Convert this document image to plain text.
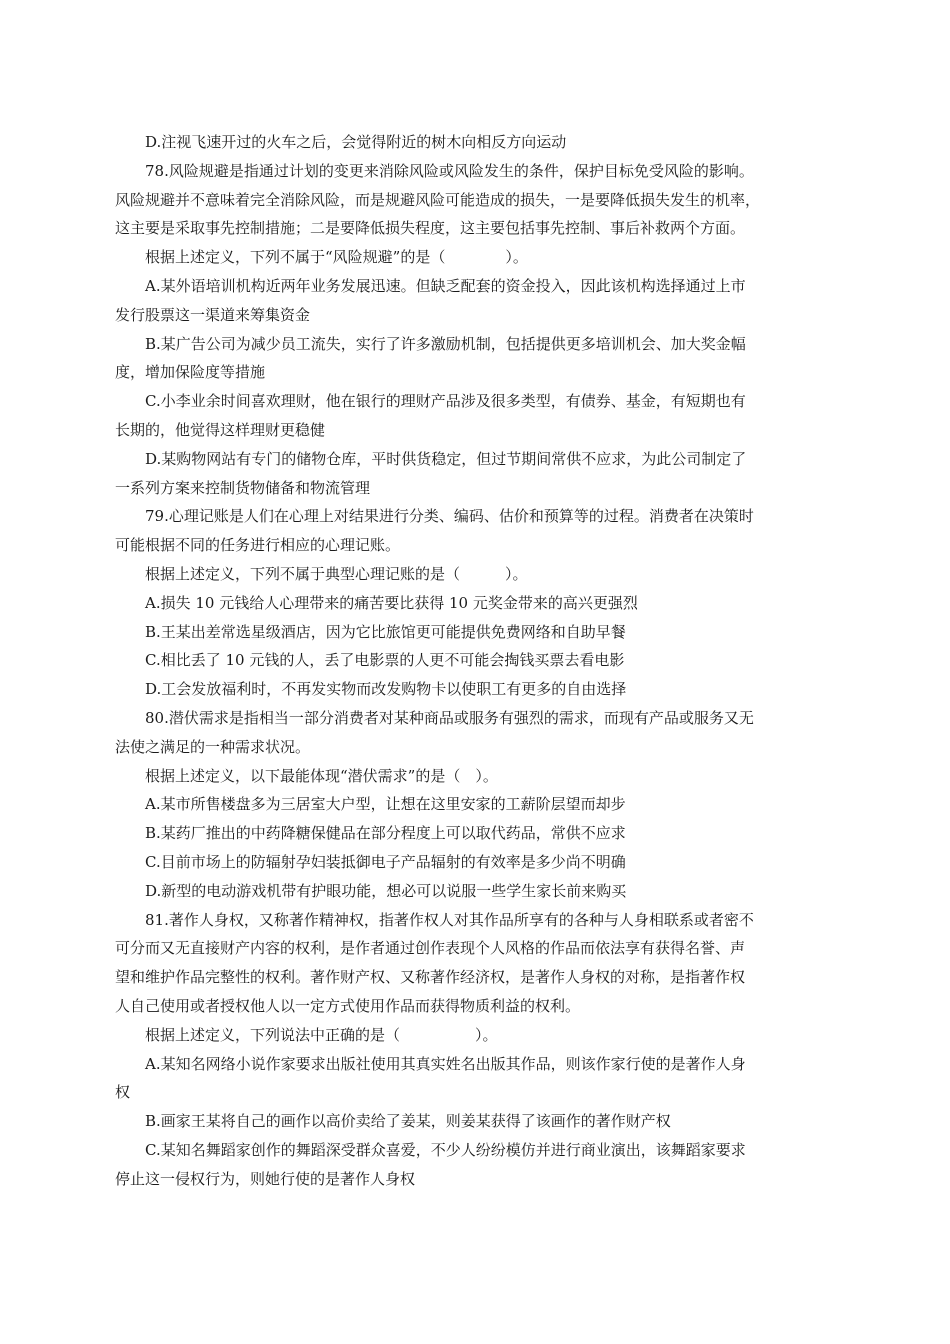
D.注视飞速开过的火车之后，会觉得附近的树木向相反方向运动
78.风险规避是指通过计划的变更来消除风险或风险发生的条件，保护目标免受风险的影响。
风险规避并不意味着完全消除风险，而是规避风险可能造成的损失，一是要降低损失发生的机率，
这主要是采取事先控制措施；二是要降低损失程度，这主要包括事先控制、事后补救两个方面。
根据上述定义，下列不属于“风险规避”的是（　　　　）。
A.某外语培训机构近两年业务发展迅速。但缺乏配套的资金投入，因此该机构选择通过上市
发行股票这一渠道来筹集资金
B.某广告公司为减少员工流失，实行了许多激励机制，包括提供更多培训机会、加大奖金幅
度，增加保险度等措施
C.小李业余时间喜欢理财，他在银行的理财产品涉及很多类型，有债券、基金，有短期也有
长期的，他觉得这样理财更稳健
D.某购物网站有专门的储物仓库，平时供货稳定，但过节期间常供不应求，为此公司制定了
一系列方案来控制货物储备和物流管理
79.心理记账是人们在心理上对结果进行分类、编码、估价和预算等的过程。消费者在决策时
可能根据不同的任务进行相应的心理记账。
根据上述定义，下列不属于典型心理记账的是（　　　）。
A.损失 10 元钱给人心理带来的痛苦要比获得 10 元奖金带来的高兴更强烈
B.王某出差常选星级酒店，因为它比旅馆更可能提供免费网络和自助早餐
C.相比丢了 10 元钱的人，丢了电影票的人更不可能会掏钱买票去看电影
D.工会发放福利时，不再发实物而改发购物卡以使职工有更多的自由选择
80.潜伏需求是指相当一部分消费者对某种商品或服务有强烈的需求，而现有产品或服务又无
法使之满足的一种需求状况。
根据上述定义，以下最能体现“潜伏需求”的是（　）。
A.某市所售楼盘多为三居室大户型，让想在这里安家的工薪阶层望而却步
B.某药厂推出的中药降糖保健品在部分程度上可以取代药品，常供不应求
C.目前市场上的防辐射孕妇装抵御电子产品辐射的有效率是多少尚不明确
D.新型的电动游戏机带有护眼功能，想必可以说服一些学生家长前来购买
81.著作人身权，又称著作精神权，指著作权人对其作品所享有的各种与人身相联系或者密不
可分而又无直接财产内容的权利，是作者通过创作表现个人风格的作品而依法享有获得名誉、声
望和维护作品完整性的权利。著作财产权、又称著作经济权，是著作人身权的对称，是指著作权
人自己使用或者授权他人以一定方式使用作品而获得物质利益的权利。
根据上述定义，下列说法中正确的是（　　　　　）。
A.某知名网络小说作家要求出版社使用其真实姓名出版其作品，则该作家行使的是著作人身
权
B.画家王某将自己的画作以高价卖给了姜某，则姜某获得了该画作的著作财产权
C.某知名舞蹈家创作的舞蹈深受群众喜爱，不少人纷纷模仿并进行商业演出，该舞蹈家要求
停止这一侵权行为，则她行使的是著作人身权
